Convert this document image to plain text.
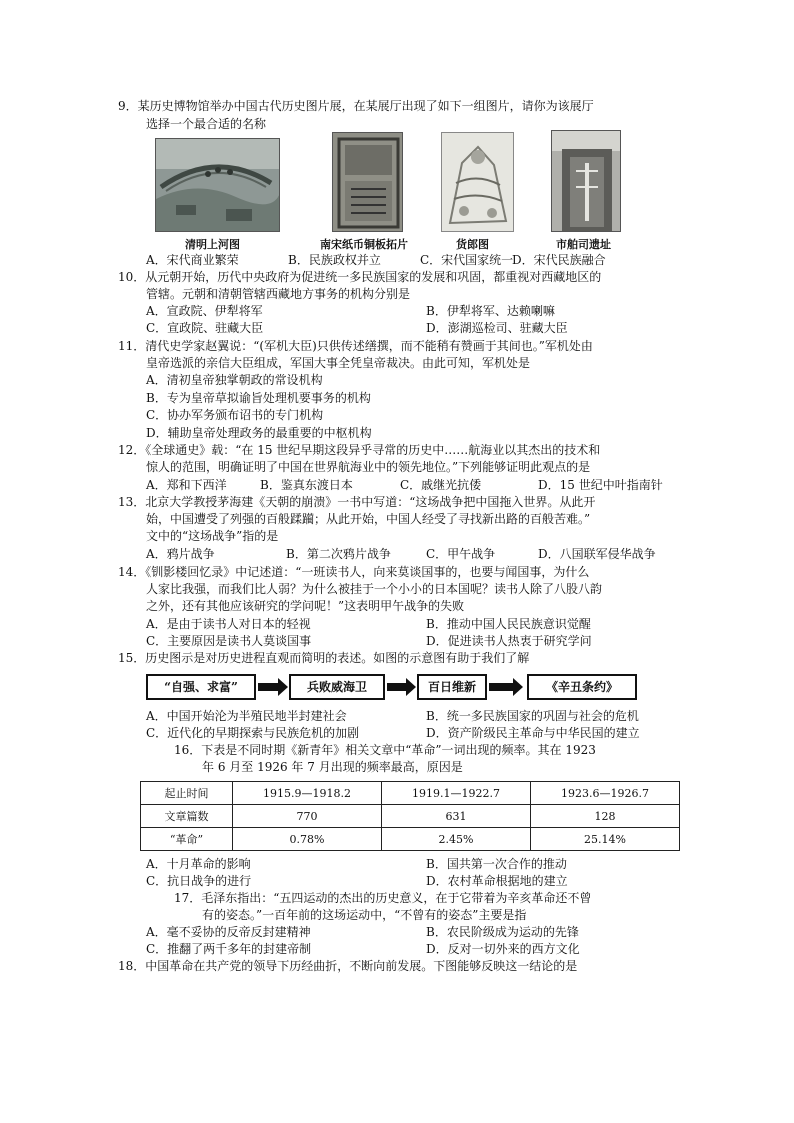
9．某历史博物馆举办中国古代历史图片展，在某展厅出现了如下一组图片，请你为该展厅
选择一个最合适的名称
清明上河图	南宋纸币铜板拓片	货郎图	市舶司遗址
A．宋代商业繁荣	B．民族政权并立	C．宋代国家统一
D．宋代民族融合
10．从元朝开始，历代中央政府为促进统一多民族国家的发展和巩固，都重视对西藏地区的
管辖。元朝和清朝管辖西藏地方事务的机构分别是
A．宣政院、伊犁将军	B．伊犁将军、达赖喇嘛
C．宣政院、驻藏大臣	D．澎湖巡检司、驻藏大臣
11．清代史学家赵翼说：“(军机大臣)只供传述缮撰，而不能稍有赞画于其间也。”军机处由
皇帝选派的亲信大臣组成，军国大事全凭皇帝裁决。由此可知，军机处是
A．清初皇帝独掌朝政的常设机构
B．专为皇帝草拟谕旨处理机要事务的机构
C．协办军务颁布诏书的专门机构
D．辅助皇帝处理政务的最重要的中枢机构
12．《全球通史》载：“在 15 世纪早期这段异乎寻常的历史中……航海业以其杰出的技术和
惊人的范围，明确证明了中国在世界航海业中的领先地位。”下列能够证明此观点的是
A．郑和下西洋	B．鉴真东渡日本	C．戚继光抗倭	D．15 世纪中叶指南针
13．北京大学教授茅海建《天朝的崩溃》一书中写道：“这场战争把中国拖入世界。从此开
始，中国遭受了列强的百般蹂躏；从此开始，中国人经受了寻找新出路的百般苦难。”
文中的“这场战争”指的是
A．鸦片战争	B．第二次鸦片战争	C．甲午战争	D．八国联军侵华战争
14．《钏影楼回忆录》中记述道：“一班读书人，向来莫谈国事的，也要与闻国事，为什么
人家比我强，而我们比人弱？为什么被挂于一个小小的日本国呢？读书人除了八股八韵
之外，还有其他应该研究的学问呢！”这表明甲午战争的失败
A．是由于读书人对日本的轻视	B．推动中国人民民族意识觉醒
C．主要原因是读书人莫谈国事	D．促进读书人热衷于研究学问
15．历史图示是对历史进程直观而简明的表述。如图的示意图有助于我们了解
“自强、求富”	兵败威海卫	百日维新	《辛丑条约》
A．中国开始沦为半殖民地半封建社会	B．统一多民族国家的巩固与社会的危机
C．近代化的早期探索与民族危机的加剧	D．资产阶级民主革命与中华民国的建立
16．下表是不同时期《新青年》相关文章中“革命”一词出现的频率。其在 1923
年 6 月至 1926 年 7 月出现的频率最高，原因是
起止时间	1915.9—1918.2	1919.1—1922.7	1923.6—1926.7
文章篇数	770	631	128
“革命”	0.78%	2.45%	25.14%
A．十月革命的影响	B．国共第一次合作的推动
C．抗日战争的进行	D．农村革命根据地的建立
17．毛泽东指出：“五四运动的杰出的历史意义，在于它带着为辛亥革命还不曾
有的姿态。”一百年前的这场运动中，“不曾有的姿态”主要是指
A．毫不妥协的反帝反封建精神	B．农民阶级成为运动的先锋
C．推翻了两千多年的封建帝制	D．反对一切外来的西方文化
18．中国革命在共产党的领导下历经曲折，不断向前发展。下图能够反映这一结论的是
